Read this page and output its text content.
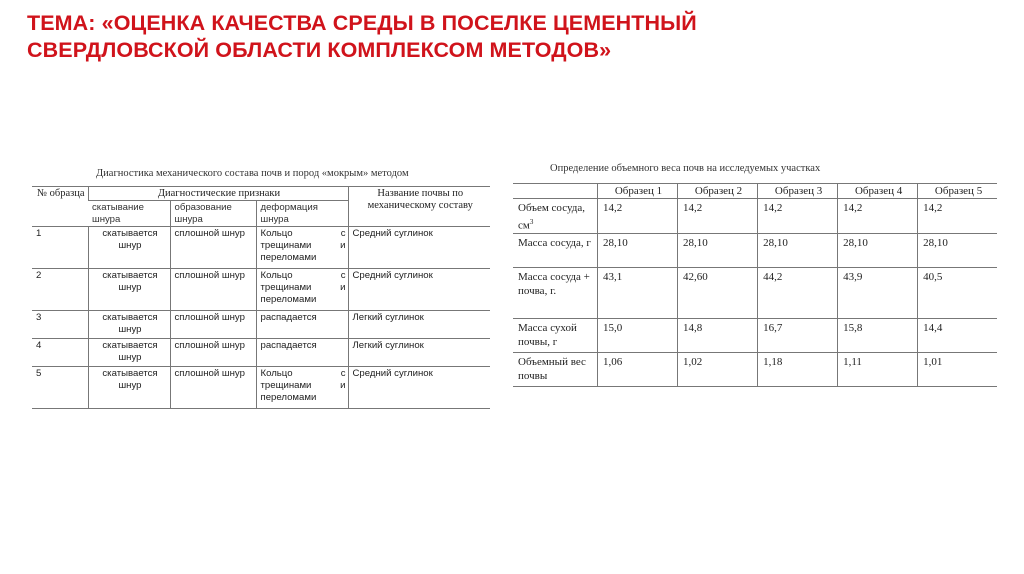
ТЕМА: «ОЦЕНКА КАЧЕСТВА СРЕДЫ В ПОСЕЛКЕ ЦЕМЕНТНЫЙ
СВЕРДЛОВСКОЙ ОБЛАСТИ КОМПЛЕКСОМ МЕТОДОВ»
Диагностика механического состава почв и пород «мокрым» методом
№ образца	Диагностические признаки			Название почвы по механическому составу
	скатывание шнура	образование шнура	деформация шнура	
1	скатывается шнур	сплошной шнур	Кольцо с
трещинами и
переломами	Средний суглинок
2	скатывается шнур	сплошной шнур	Кольцо с
трещинами и
переломами	Средний суглинок
3	скатывается шнур	сплошной шнур	распадается	Легкий суглинок
4	скатывается шнур	сплошной шнур	распадается	Легкий суглинок
5	скатывается шнур	сплошной шнур	Кольцо с
трещинами и
переломами	Средний суглинок
Определение объемного веса почв на исследуемых участках
	Образец 1	Образец 2	Образец 3	Образец 4	Образец 5
Объем сосуда, $см^3$	14,2	14,2	14,2	14,2	14,2
Масса сосуда, г	28,10	28,10	28,10	28,10	28,10
Масса сосуда + почва, г.	43,1	42,60	44,2	43,9	40,5
Масса сухой почвы, г	15,0	14,8	16,7	15,8	14,4
Объемный вес почвы	1,06	1,02	1,18	1,11	1,01
